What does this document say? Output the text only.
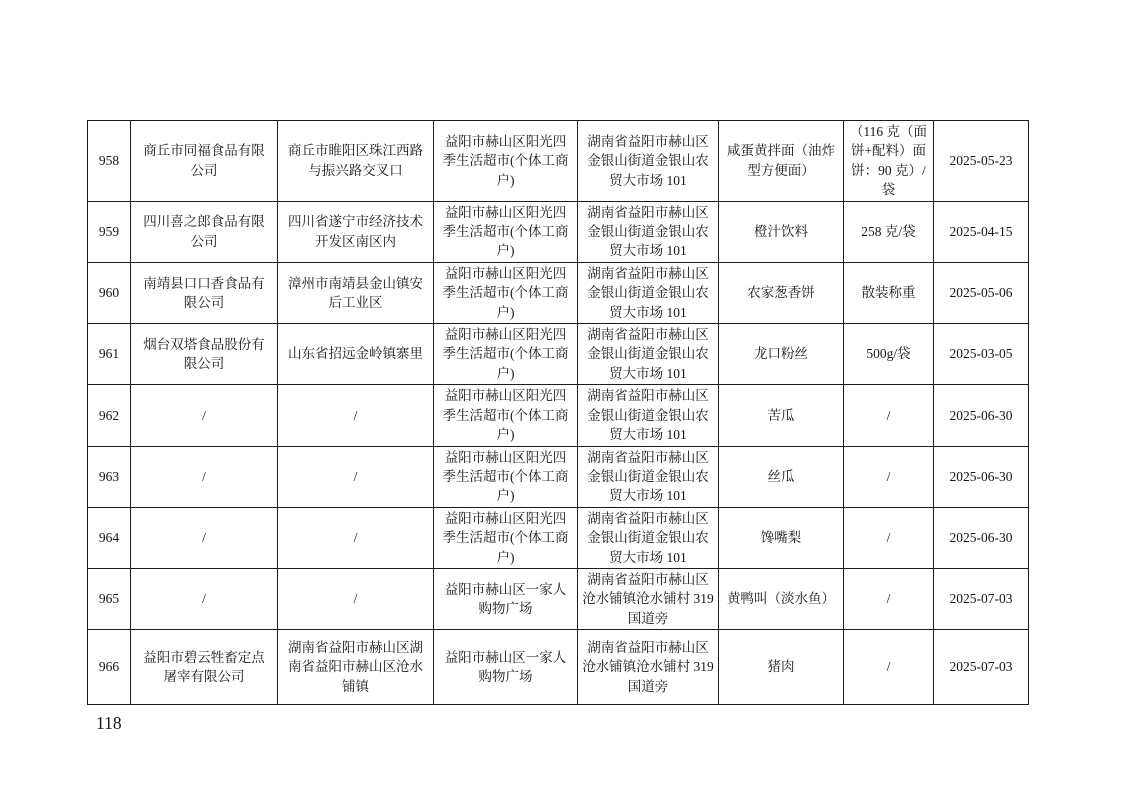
958	商丘市同福食品有限公司	商丘市睢阳区珠江西路与振兴路交叉口	益阳市赫山区阳光四季生活超市(个体工商户)	湖南省益阳市赫山区金银山街道金银山农贸大市场 101	咸蛋黄拌面（油炸型方便面）	（116 克（面饼+配料）面饼：90 克）/袋	2025-05-23
959	四川喜之郎食品有限公司	四川省遂宁市经济技术开发区南区内	益阳市赫山区阳光四季生活超市(个体工商户)	湖南省益阳市赫山区金银山街道金银山农贸大市场 101	橙汁饮料	258 克/袋	2025-04-15
960	南靖县口口香食品有限公司	漳州市南靖县金山镇安后工业区	益阳市赫山区阳光四季生活超市(个体工商户)	湖南省益阳市赫山区金银山街道金银山农贸大市场 101	农家葱香饼	散装称重	2025-05-06
961	烟台双塔食品股份有限公司	山东省招远金岭镇寨里	益阳市赫山区阳光四季生活超市(个体工商户)	湖南省益阳市赫山区金银山街道金银山农贸大市场 101	龙口粉丝	500g/袋	2025-03-05
962	/	/	益阳市赫山区阳光四季生活超市(个体工商户)	湖南省益阳市赫山区金银山街道金银山农贸大市场 101	苦瓜	/	2025-06-30
963	/	/	益阳市赫山区阳光四季生活超市(个体工商户)	湖南省益阳市赫山区金银山街道金银山农贸大市场 101	丝瓜	/	2025-06-30
964	/	/	益阳市赫山区阳光四季生活超市(个体工商户)	湖南省益阳市赫山区金银山街道金银山农贸大市场 101	馋嘴梨	/	2025-06-30
965	/	/	益阳市赫山区一家人购物广场	湖南省益阳市赫山区沧水铺镇沧水铺村 319 国道旁	黄鸭叫（淡水鱼）	/	2025-07-03
966	益阳市碧云牲畜定点屠宰有限公司	湖南省益阳市赫山区湖南省益阳市赫山区沧水铺镇	益阳市赫山区一家人购物广场	湖南省益阳市赫山区沧水铺镇沧水铺村 319 国道旁	猪肉	/	2025-07-03
118
